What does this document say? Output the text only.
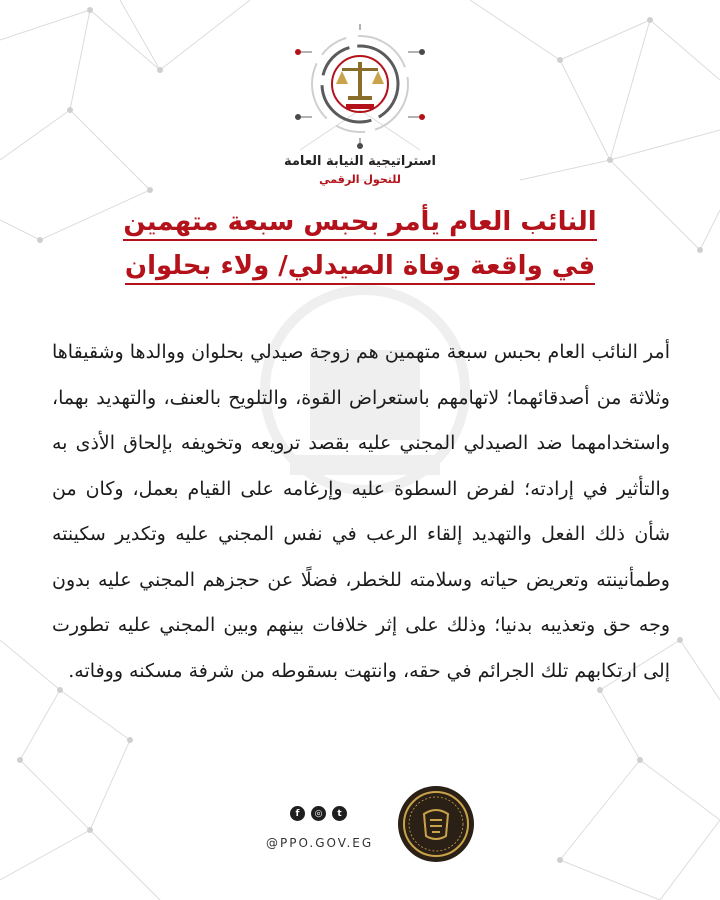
استراتيجية النيابة العامة
للتحول الرقمي
النائب العام يأمر بحبس سبعة متهمين
في واقعة وفاة الصيدلي/ ولاء بحلوان

أمر النائب العام بحبس سبعة متهمين هم زوجة صيدلي بحلوان ووالدها وشقيقاها وثلاثة من أصدقائهما؛ لاتهامهم باستعراض القوة، والتلويح بالعنف، والتهديد بهما، واستخدامهما ضد الصيدلي المجني عليه بقصد ترويعه وتخويفه بإلحاق الأذى به والتأثير في إرادته؛ لفرض السطوة عليه وإرغامه على القيام بعمل، وكان من شأن ذلك الفعل والتهديد إلقاء الرعب في نفس المجني عليه وتكدير سكينته وطمأنينته وتعريض حياته وسلامته للخطر، فضلًا عن حجزهم المجني عليه بدون وجه حق وتعذيبه بدنيا؛ وذلك على إثر خلافات بينهم وبين المجني عليه تطورت إلى ارتكابهم تلك الجرائم في حقه، وانتهت بسقوطه من شرفة مسكنه ووفاته.

f	◎	t
@PPO.GOV.EG
